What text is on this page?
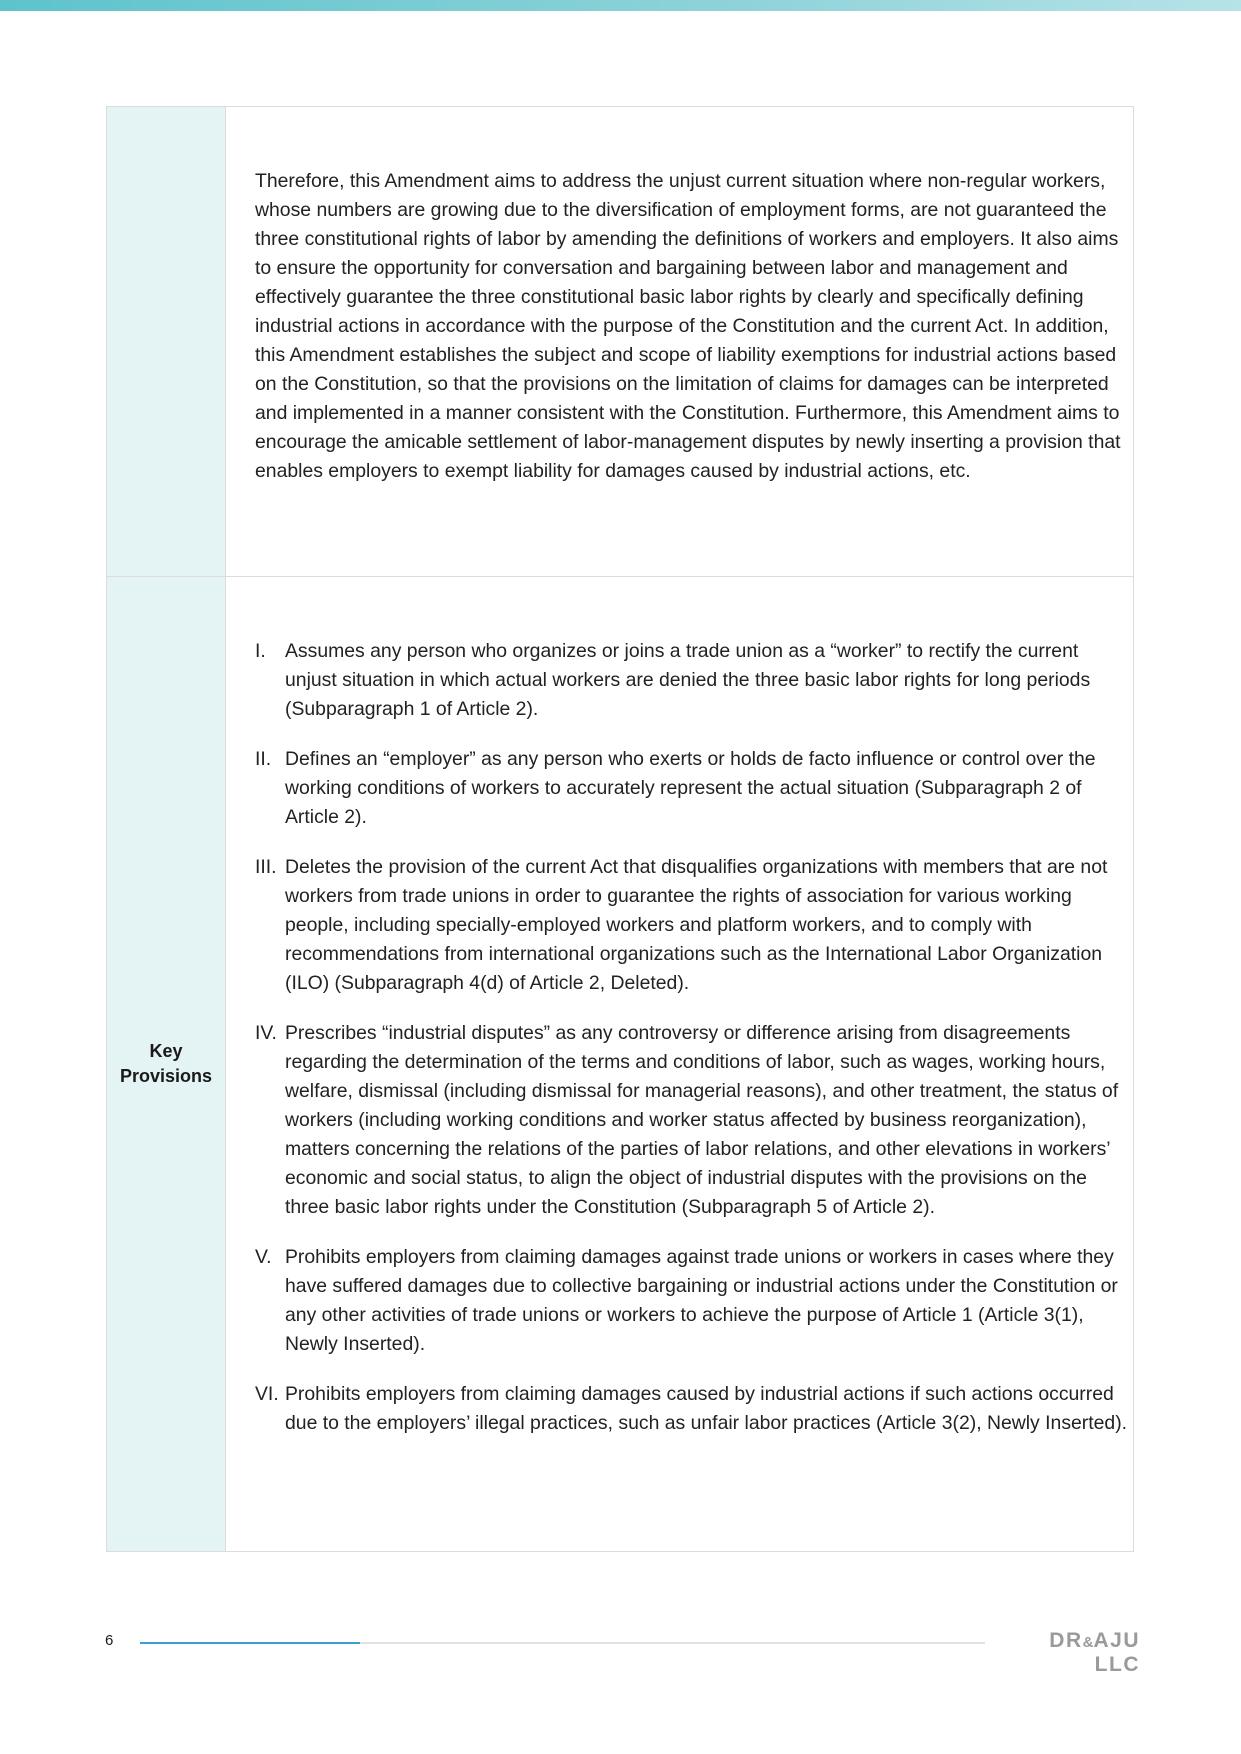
Therefore, this Amendment aims to address the unjust current situation where non-regular workers, whose numbers are growing due to the diversification of employment forms, are not guaranteed the three constitutional rights of labor by amending the definitions of workers and employers. It also aims to ensure the opportunity for conversation and bargaining between labor and management and effectively guarantee the three constitutional basic labor rights by clearly and specifically defining industrial actions in accordance with the purpose of the Constitution and the current Act. In addition, this Amendment establishes the subject and scope of liability exemptions for industrial actions based on the Constitution, so that the provisions on the limitation of claims for damages can be interpreted and implemented in a manner consistent with the Constitution. Furthermore, this Amendment aims to encourage the amicable settlement of labor-management disputes by newly inserting a provision that enables employers to exempt liability for damages caused by industrial actions, etc.
Key Provisions
I. Assumes any person who organizes or joins a trade union as a “worker” to rectify the current unjust situation in which actual workers are denied the three basic labor rights for long periods (Subparagraph 1 of Article 2).
II. Defines an “employer” as any person who exerts or holds de facto influence or control over the working conditions of workers to accurately represent the actual situation (Subparagraph 2 of Article 2).
III. Deletes the provision of the current Act that disqualifies organizations with members that are not workers from trade unions in order to guarantee the rights of association for various working people, including specially-employed workers and platform workers, and to comply with recommendations from international organizations such as the International Labor Organization (ILO) (Subparagraph 4(d) of Article 2, Deleted).
IV. Prescribes “industrial disputes” as any controversy or difference arising from disagreements regarding the determination of the terms and conditions of labor, such as wages, working hours, welfare, dismissal (including dismissal for managerial reasons), and other treatment, the status of workers (including working conditions and worker status affected by business reorganization), matters concerning the relations of the parties of labor relations, and other elevations in workers’ economic and social status, to align the object of industrial disputes with the provisions on the three basic labor rights under the Constitution (Subparagraph 5 of Article 2).
V. Prohibits employers from claiming damages against trade unions or workers in cases where they have suffered damages due to collective bargaining or industrial actions under the Constitution or any other activities of trade unions or workers to achieve the purpose of Article 1 (Article 3(1), Newly Inserted).
VI. Prohibits employers from claiming damages caused by industrial actions if such actions occurred due to the employers’ illegal practices, such as unfair labor practices (Article 3(2), Newly Inserted).
6	DR&AJU LLC
